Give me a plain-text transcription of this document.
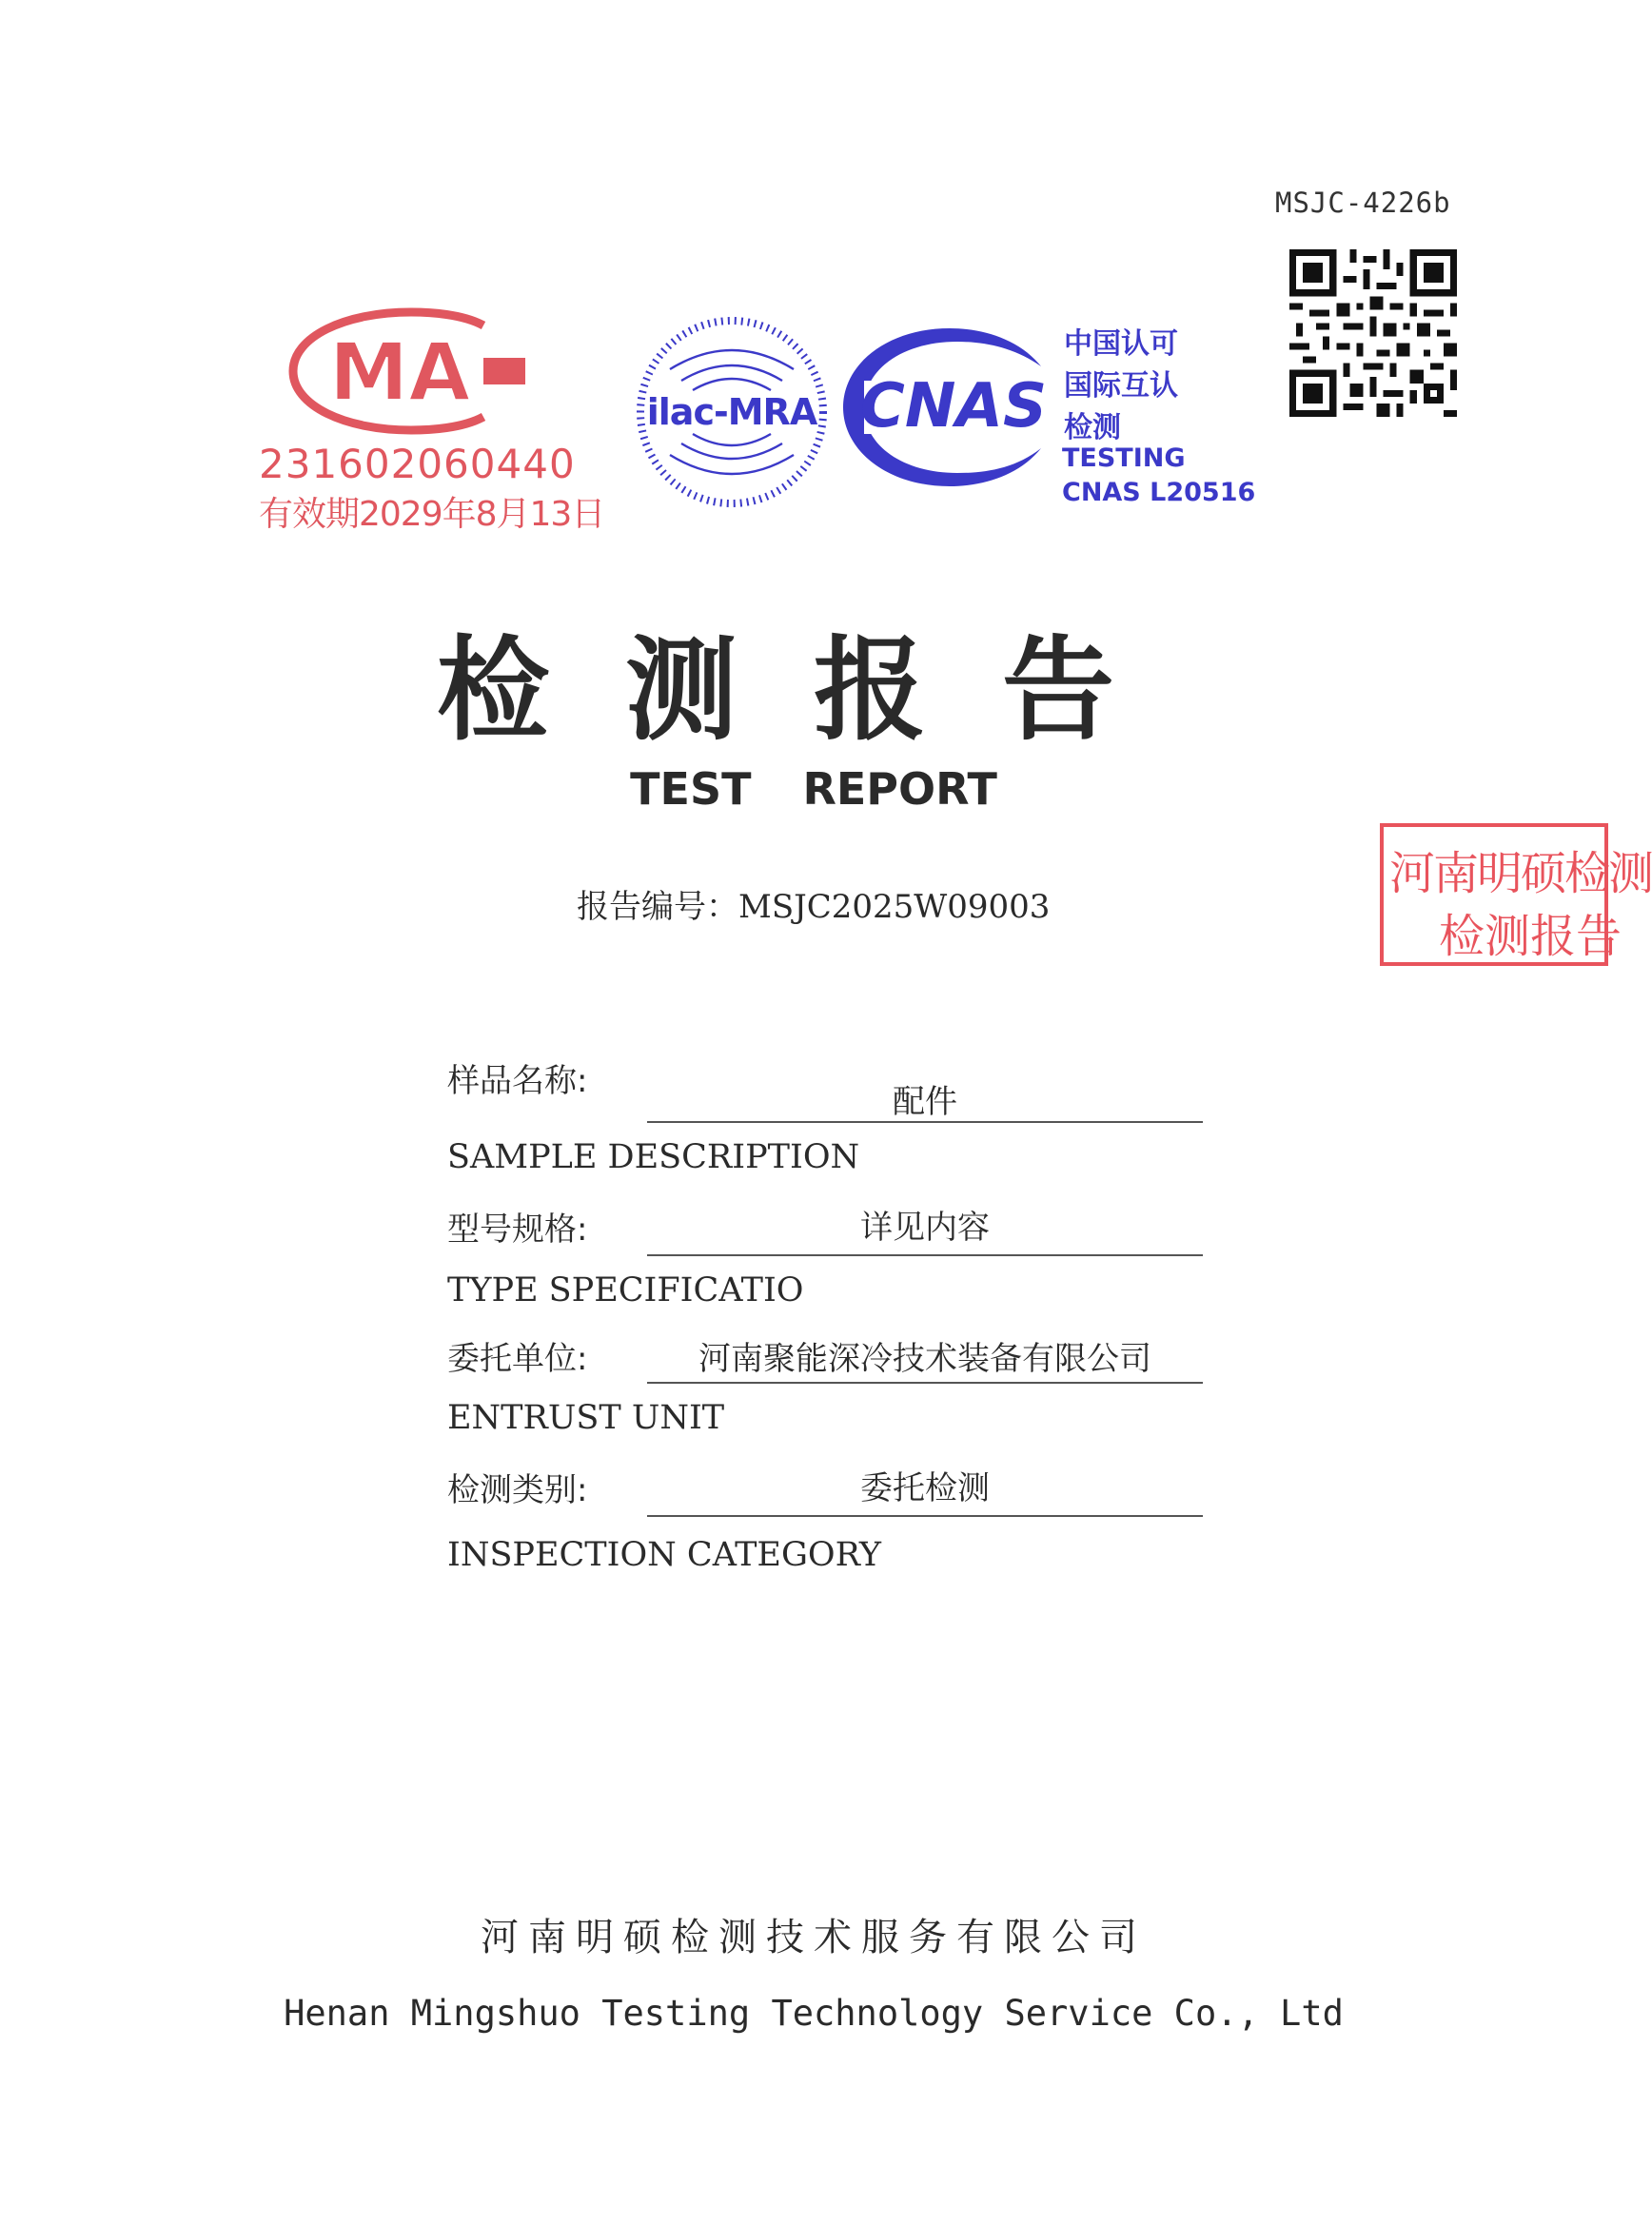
MSJC-4226b
MA
231602060440
有效期2029年8月13日
ilac-MRA CNAS
中国认可
国际互认
检测
TESTING
CNAS L20516
河南明硕检测
检测报告
检测报告
TEST REPORT
报告编号：MSJC2025W09003
样品名称:
配件
SAMPLE DESCRIPTION
型号规格:	详见内容
TYPE SPECIFICATIO
委托单位:	河南聚能深冷技术装备有限公司
ENTRUST UNIT
检测类别:	委托检测
INSPECTION CATEGORY
河南明硕检测技术服务有限公司
Henan Mingshuo Testing Technology Service Co., Ltd
